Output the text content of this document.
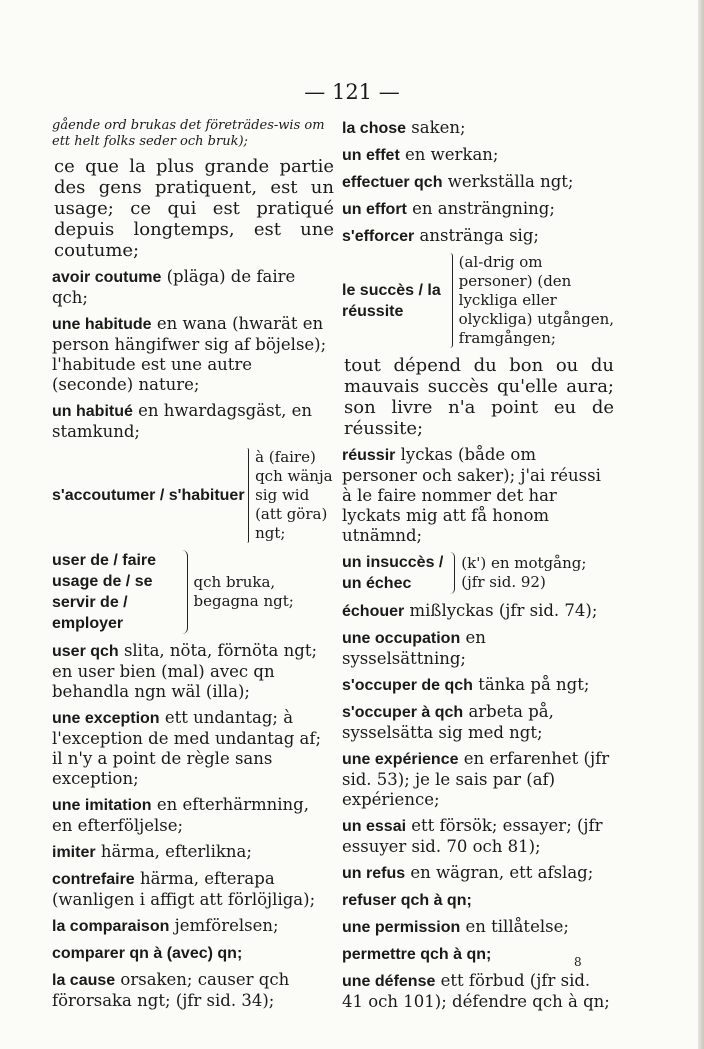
— 121 —
gående ord brukas det företrädes-wis om ett helt folks seder och bruk);
ce que la plus grande partie des gens pratiquent, est un usage; ce qui est pratiqué depuis longtemps, est une coutume;
avoir coutume (pläga) de faire qch;
une habitude en wana (hwarät en person hängifwer sig af böjelse); l'habitude est une autre (seconde) nature;
un habitué en hwardagsgäst, en stamkund;
s'accoutumer / s'habituer
à (faire) qch wänja sig wid (att göra) ngt;
user de / faire usage de / se servir de / employer
qch bruka, begagna ngt;
user qch slita, nöta, förnöta ngt; en user bien (mal) avec qn behandla ngn wäl (illa);
une exception ett undantag; à l'exception de med undantag af; il n'y a point de règle sans exception;
une imitation en efterhärmning, en efterföljelse;
imiter härma, efterlikna;
contrefaire härma, efterapa (wanligen i affigt att förlöjliga);
la comparaison jemförelsen;
comparer qn à (avec) qn;
la cause orsaken; causer qch förorsaka ngt; (jfr sid. 34);
la chose saken;
un effet en werkan;
effectuer qch werkställa ngt;
un effort en ansträngning;
s'efforcer anstränga sig;
le succès / la réussite
(al-drig om personer) (den lyckliga eller olyckliga) utgången, framgången;
tout dépend du bon ou du mauvais succès qu'elle aura; son livre n'a point eu de réussite;
réussir lyckas (både om personer och saker); j'ai réussi à le faire nommer det har lyckats mig att få honom utnämnd;
un insuccès / un échec
(k') en motgång; (jfr sid. 92)
échouer mißlyckas (jfr sid. 74);
une occupation en sysselsättning;
s'occuper de qch tänka på ngt;
s'occuper à qch arbeta på, sysselsätta sig med ngt;
une expérience en erfarenhet (jfr sid. 53); je le sais par (af) expérience;
un essai ett försök; essayer; (jfr essuyer sid. 70 och 81);
un refus en wägran, ett afslag;
refuser qch à qn;
une permission en tillåtelse;
permettre qch à qn;
une défense ett förbud (jfr sid. 41 och 101); défendre qch à qn;
8
